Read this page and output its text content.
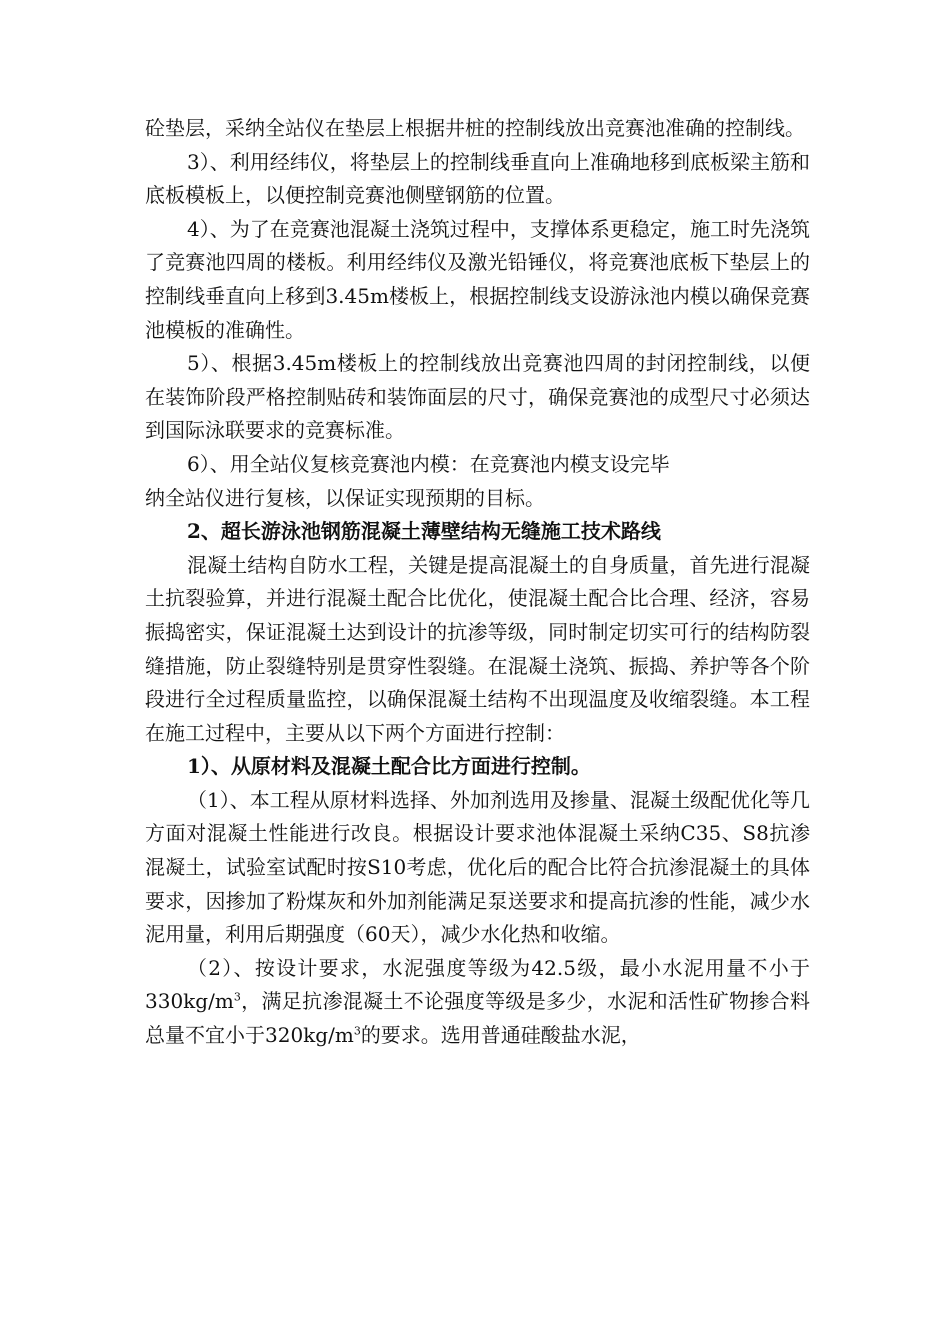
砼垫层，采纳全站仪在垫层上根据井桩的控制线放出竞赛池准确的控制线。

3）、利用经纬仪，将垫层上的控制线垂直向上准确地移到底板梁主筋和底板模板上，以便控制竞赛池侧壁钢筋的位置。

4）、为了在竞赛池混凝土浇筑过程中，支撑体系更稳定，施工时先浇筑了竞赛池四周的楼板。利用经纬仪及激光铅锤仪，将竞赛池底板下垫层上的控制线垂直向上移到3.45m楼板上，根据控制线支设游泳池内模以确保竞赛池模板的准确性。

5）、根据3.45m楼板上的控制线放出竞赛池四周的封闭控制线，以便在装饰阶段严格控制贴砖和装饰面层的尺寸，确保竞赛池的成型尺寸必须达到国际泳联要求的竞赛标准。

6）、用全站仪复核竞赛池内模：在竞赛池内模支设完毕

纳全站仪进行复核，以保证实现预期的目标。

2、超长游泳池钢筋混凝土薄壁结构无缝施工技术路线

混凝土结构自防水工程，关键是提高混凝土的自身质量，首先进行混凝土抗裂验算，并进行混凝土配合比优化，使混凝土配合比合理、经济，容易振捣密实，保证混凝土达到设计的抗渗等级，同时制定切实可行的结构防裂缝措施，防止裂缝特别是贯穿性裂缝。在混凝土浇筑、振捣、养护等各个阶段进行全过程质量监控，以确保混凝土结构不出现温度及收缩裂缝。本工程在施工过程中，主要从以下两个方面进行控制：

1）、从原材料及混凝土配合比方面进行控制。

（1）、本工程从原材料选择、外加剂选用及掺量、混凝土级配优化等几方面对混凝土性能进行改良。根据设计要求池体混凝土采纳C35、S8抗渗混凝土，试验室试配时按S10考虑，优化后的配合比符合抗渗混凝土的具体要求，因掺加了粉煤灰和外加剂能满足泵送要求和提高抗渗的性能，减少水泥用量，利用后期强度（60天），减少水化热和收缩。

（2）、按设计要求，水泥强度等级为42.5级，最小水泥用量不小于$330kg/m^3$，满足抗渗混凝土不论强度等级是多少，水泥和活性矿物掺合料总量不宜小于$320kg/m^3$的要求。选用普通硅酸盐水泥，
